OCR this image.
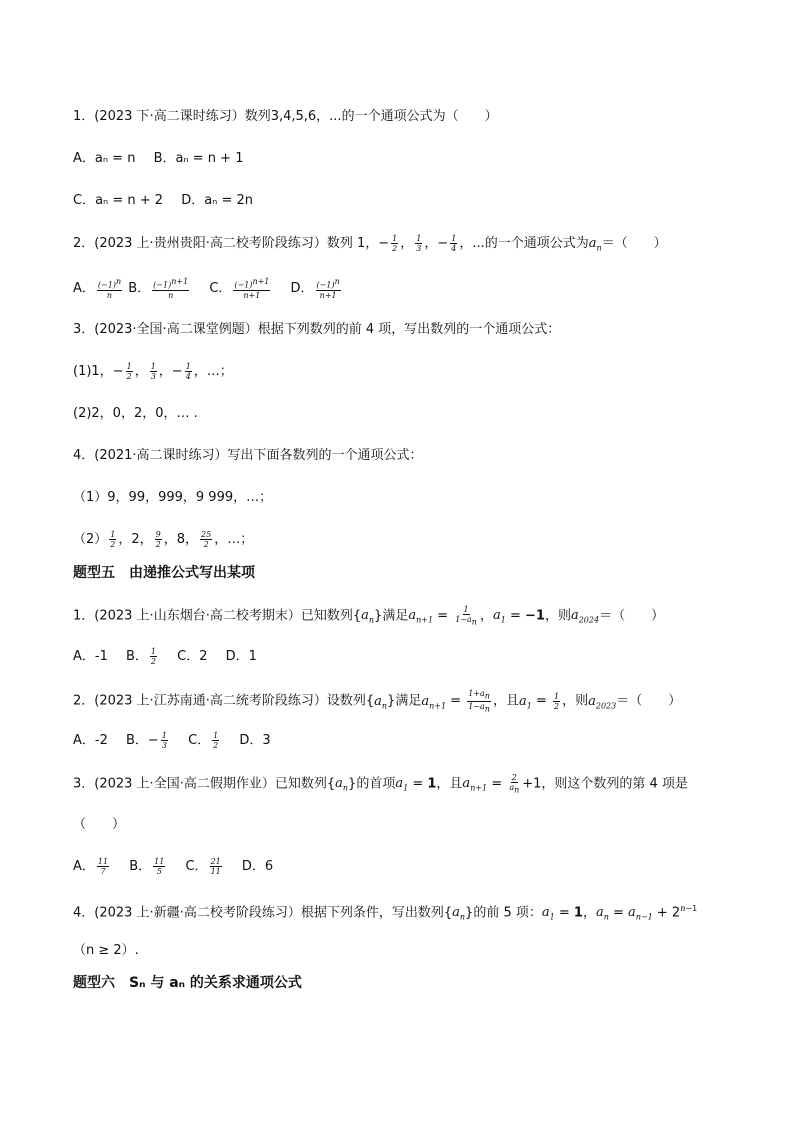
1．(2023 下·高二课时练习）数列3,4,5,6，...的一个通项公式为（　　）
A．aₙ = n B．aₙ = n + 1
C．aₙ = n + 2 D．aₙ = 2n
2．(2023 上·贵州贵阳·高二校考阶段练习）数列 1，− $\frac{1}{2}$ ， $\frac{1}{3}$ ，− $\frac{1}{4}$ ，...的一个通项公式为$a_n=$（　　）
A． $\frac{(-1)^n}{n}$ B． $\frac{(-1)^{n+1}}{n}$ C． $\frac{(-1)^{n+1}}{n+1}$ D． $\frac{(-1)^n}{n+1}$
3．(2023·全国·高二课堂例题）根据下列数列的前 4 项，写出数列的一个通项公式：
(1)1，− $\frac{1}{2}$ ， $\frac{1}{3}$ ，− $\frac{1}{4}$ ，…；
(2)2，0，2，0，… .
4．(2021·高二课时练习）写出下面各数列的一个通项公式：
（1）9，99，999，9 999，…；
$(2) \frac{1}{2}$ ，2， $\frac{9}{2}$ ，8， $\frac{25}{2}$ ，…；
题型五　由递推公式写出某项
1．(2023 上·山东烟台·高二校考期末）已知数列$\{a_n\}$满足$a_{n+1} = \frac{1}{1-a_n}$ ，$a_1 = -1$，则$a_{2024}=$（　　）
A．-1 B． $\frac{1}{2}$ C．2 D．1
2．(2023 上·江苏南通·高二统考阶段练习）设数列$\{a_n\}$满足$a_{n+1} = \frac{1+a_n}{1-a_n}$ ，且$a_1 = \frac{1}{2}$ ，则$a_{2023}=$（　　）
A．-2 B．− $\frac{1}{3}$ C． $\frac{1}{2}$ D．3
3．(2023 上·全国·高二假期作业）已知数列$\{a_n\}$的首项$a_1 = 1$，且$a_{n+1} = \frac{2}{a_n} +1$，则这个数列的第 4 项是
（　　）
A． $\frac{11}{7}$ B． $\frac{11}{5}$ C． $\frac{21}{11}$ D．6
4．(2023 上·新疆·高二校考阶段练习）根据下列条件，写出数列$\{a_n\}$的前 5 项：$a_1 = 1$，$a_n = a_{n-1} + 2^{n-1}$
（n ≥ 2）.
题型六　Sₙ 与 aₙ 的关系求通项公式
